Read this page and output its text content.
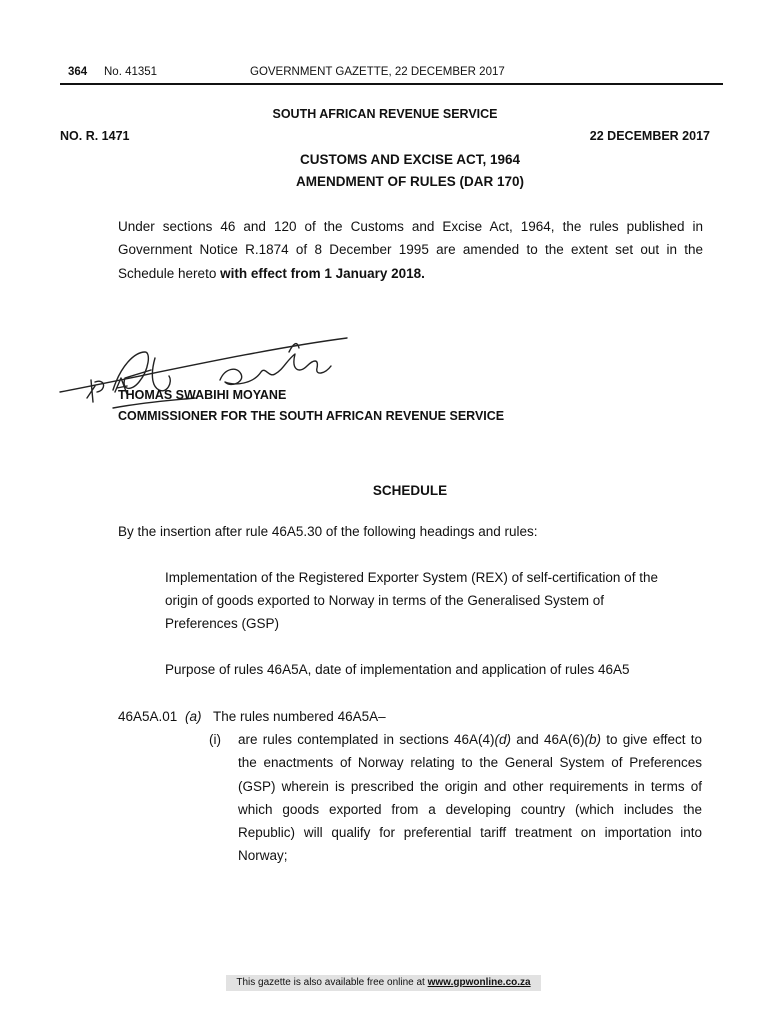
364 No. 41351	GOVERNMENT GAZETTE, 22 DECEMBER 2017
SOUTH AFRICAN REVENUE SERVICE
NO. R. 1471	22 DECEMBER 2017
CUSTOMS AND EXCISE ACT, 1964
AMENDMENT OF RULES (DAR 170)
Under sections 46 and 120 of the Customs and Excise Act, 1964, the rules published in Government Notice R.1874 of 8 December 1995 are amended to the extent set out in the Schedule hereto with effect from 1 January 2018.
THOMAS SWABIHI MOYANE
COMMISSIONER FOR THE SOUTH AFRICAN REVENUE SERVICE
SCHEDULE
By the insertion after rule 46A5.30 of the following headings and rules:
Implementation of the Registered Exporter System (REX) of self-certification of the
origin of goods exported to Norway in terms of the Generalised System of
Preferences (GSP)
Purpose of rules 46A5A, date of implementation and application of rules 46A5
46A5A.01 (a) The rules numbered 46A5A–
(i) are rules contemplated in sections 46A(4)(d) and 46A(6)(b) to give effect to the enactments of Norway relating to the General System of Preferences (GSP) wherein is prescribed the origin and other requirements in terms of which goods exported from a developing country (which includes the Republic) will qualify for preferential tariff treatment on importation into Norway;
This gazette is also available free online at www.gpwonline.co.za
